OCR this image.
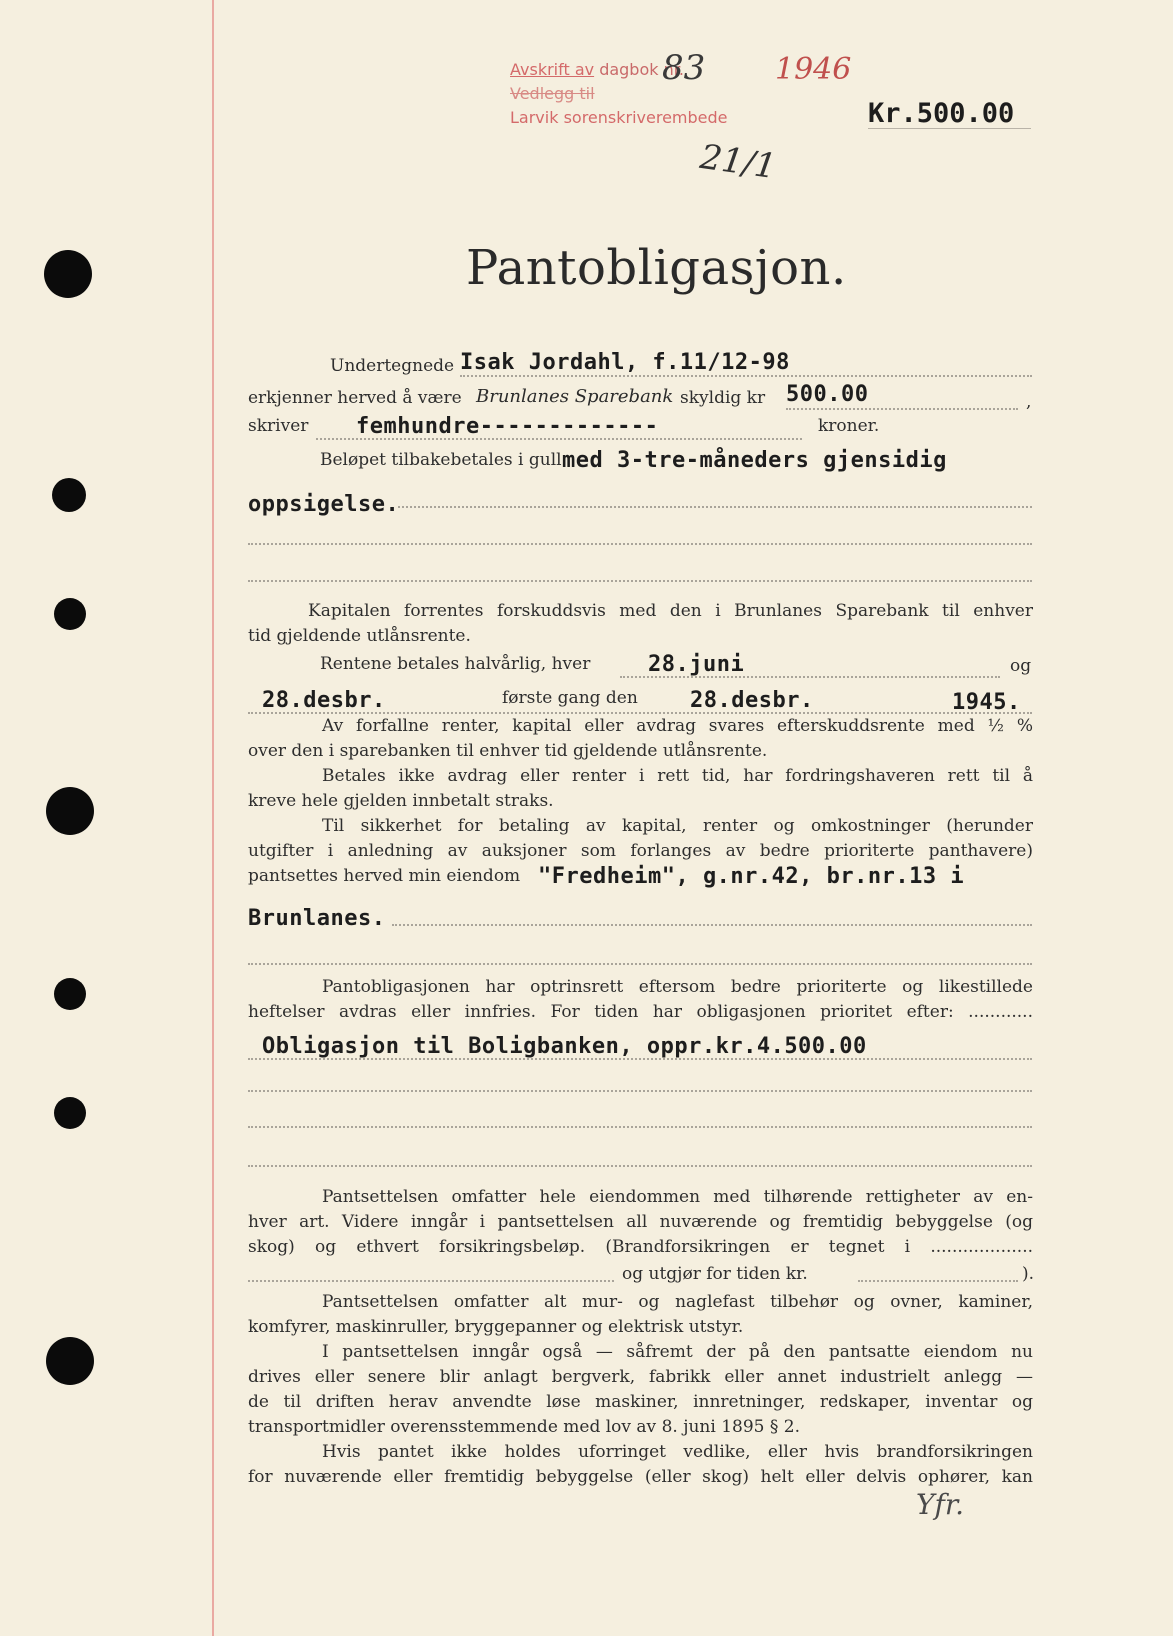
Avskrift av dagbok nr.
83 1946
Vedlegg til
Larvik sorenskriverembede	Kr.500.00
21/1
Pantobligasjon.
Undertegnede Isak Jordahl, f.11/12-98
erkjenner herved å være Brunlanes Sparebank skyldig kr 500.00	,
skriver femhundre-------------	kroner.
Beløpet tilbakebetales i gull med 3-tre-måneders gjensidig
oppsigelse.
Kapitalen forrentes forskuddsvis med den i Brunlanes Sparebank til enhver
tid gjeldende utlånsrente.
Rentene betales halvårlig, hver	28.juni	og
28.desbr.	første gang den 28.desbr.	1945.
Av forfallne renter, kapital eller avdrag svares efterskuddsrente med ½ %
over den i sparebanken til enhver tid gjeldende utlånsrente.
Betales ikke avdrag eller renter i rett tid, har fordringshaveren rett til å
kreve hele gjelden innbetalt straks.
Til sikkerhet for betaling av kapital, renter og omkostninger (herunder
utgifter i anledning av auksjoner som forlanges av bedre prioriterte panthavere)
pantsettes herved min eiendom "Fredheim", g.nr.42, br.nr.13 i
Brunlanes.
Pantobligasjonen har optrinsrett eftersom bedre prioriterte og likestillede
heftelser avdras eller innfries. For tiden har obligasjonen prioritet efter: ............
Obligasjon til Boligbanken, oppr.kr.4.500.00
Pantsettelsen omfatter hele eiendommen med tilhørende rettigheter av en-
hver art. Videre inngår i pantsettelsen all nuværende og fremtidig bebyggelse (og
skog) og ethvert forsikringsbeløp. (Brandforsikringen er tegnet i ...................
og utgjør for tiden kr.	).
Pantsettelsen omfatter alt mur- og naglefast tilbehør og ovner, kaminer,
komfyrer, maskinruller, bryggepanner og elektrisk utstyr.
I pantsettelsen inngår også — såfremt der på den pantsatte eiendom nu
drives eller senere blir anlagt bergverk, fabrikk eller annet industrielt anlegg —
de til driften herav anvendte løse maskiner, innretninger, redskaper, inventar og
transportmidler overensstemmende med lov av 8. juni 1895 § 2.
Hvis pantet ikke holdes uforringet vedlike, eller hvis brandforsikringen
for nuværende eller fremtidig bebyggelse (eller skog) helt eller delvis ophører, kan
Yfr.
